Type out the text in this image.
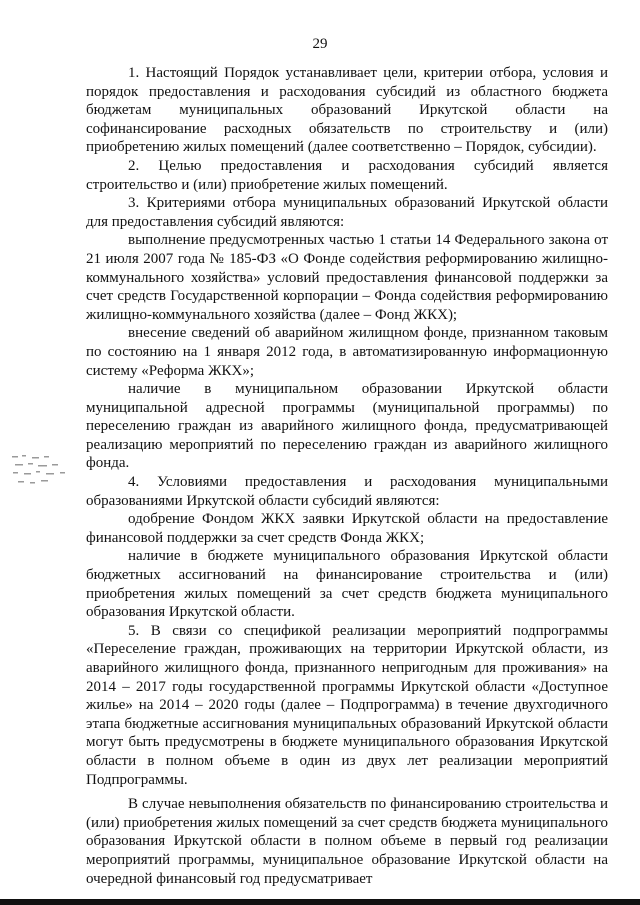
29

1. Настоящий Порядок устанавливает цели, критерии отбора, условия и порядок предоставления и расходования субсидий из областного бюджета бюджетам муниципальных образований Иркутской области на софинансирование расходных обязательств по строительству и (или) приобретению жилых помещений (далее соответственно – Порядок, субсидии).

2. Целью предоставления и расходования субсидий является строительство и (или) приобретение жилых помещений.

3. Критериями отбора муниципальных образований Иркутской области для предоставления субсидий являются:

выполнение предусмотренных частью 1 статьи 14 Федерального закона от 21 июля 2007 года № 185-ФЗ «О Фонде содействия реформированию жилищно-коммунального хозяйства» условий предоставления финансовой поддержки за счет средств Государственной корпорации – Фонда содействия реформированию жилищно-коммунального хозяйства (далее – Фонд ЖКХ);

внесение сведений об аварийном жилищном фонде, признанном таковым по состоянию на 1 января 2012 года, в автоматизированную информационную систему «Реформа ЖКХ»;

наличие в муниципальном образовании Иркутской области муниципальной адресной программы (муниципальной программы) по переселению граждан из аварийного жилищного фонда, предусматривающей реализацию мероприятий по переселению граждан из аварийного жилищного фонда.

4. Условиями предоставления и расходования муниципальными образованиями Иркутской области субсидий являются:

одобрение Фондом ЖКХ заявки Иркутской области на предоставление финансовой поддержки за счет средств Фонда ЖКХ;

наличие в бюджете муниципального образования Иркутской области бюджетных ассигнований на финансирование строительства и (или) приобретения жилых помещений за счет средств бюджета муниципального образования Иркутской области.

5. В связи со спецификой реализации мероприятий подпрограммы «Переселение граждан, проживающих на территории Иркутской области, из аварийного жилищного фонда, признанного непригодным для проживания» на 2014 – 2017 годы государственной программы Иркутской области «Доступное жилье» на 2014 – 2020 годы (далее – Подпрограмма) в течение двухгодичного этапа бюджетные ассигнования муниципальных образований Иркутской области могут быть предусмотрены в бюджете муниципального образования Иркутской области в полном объеме в один из двух лет реализации мероприятий Подпрограммы.

В случае невыполнения обязательств по финансированию строительства и (или) приобретения жилых помещений за счет средств бюджета муниципального образования Иркутской области в полном объеме в первый год реализации мероприятий программы, муниципальное образование Иркутской области на очередной финансовый год предусматривает
